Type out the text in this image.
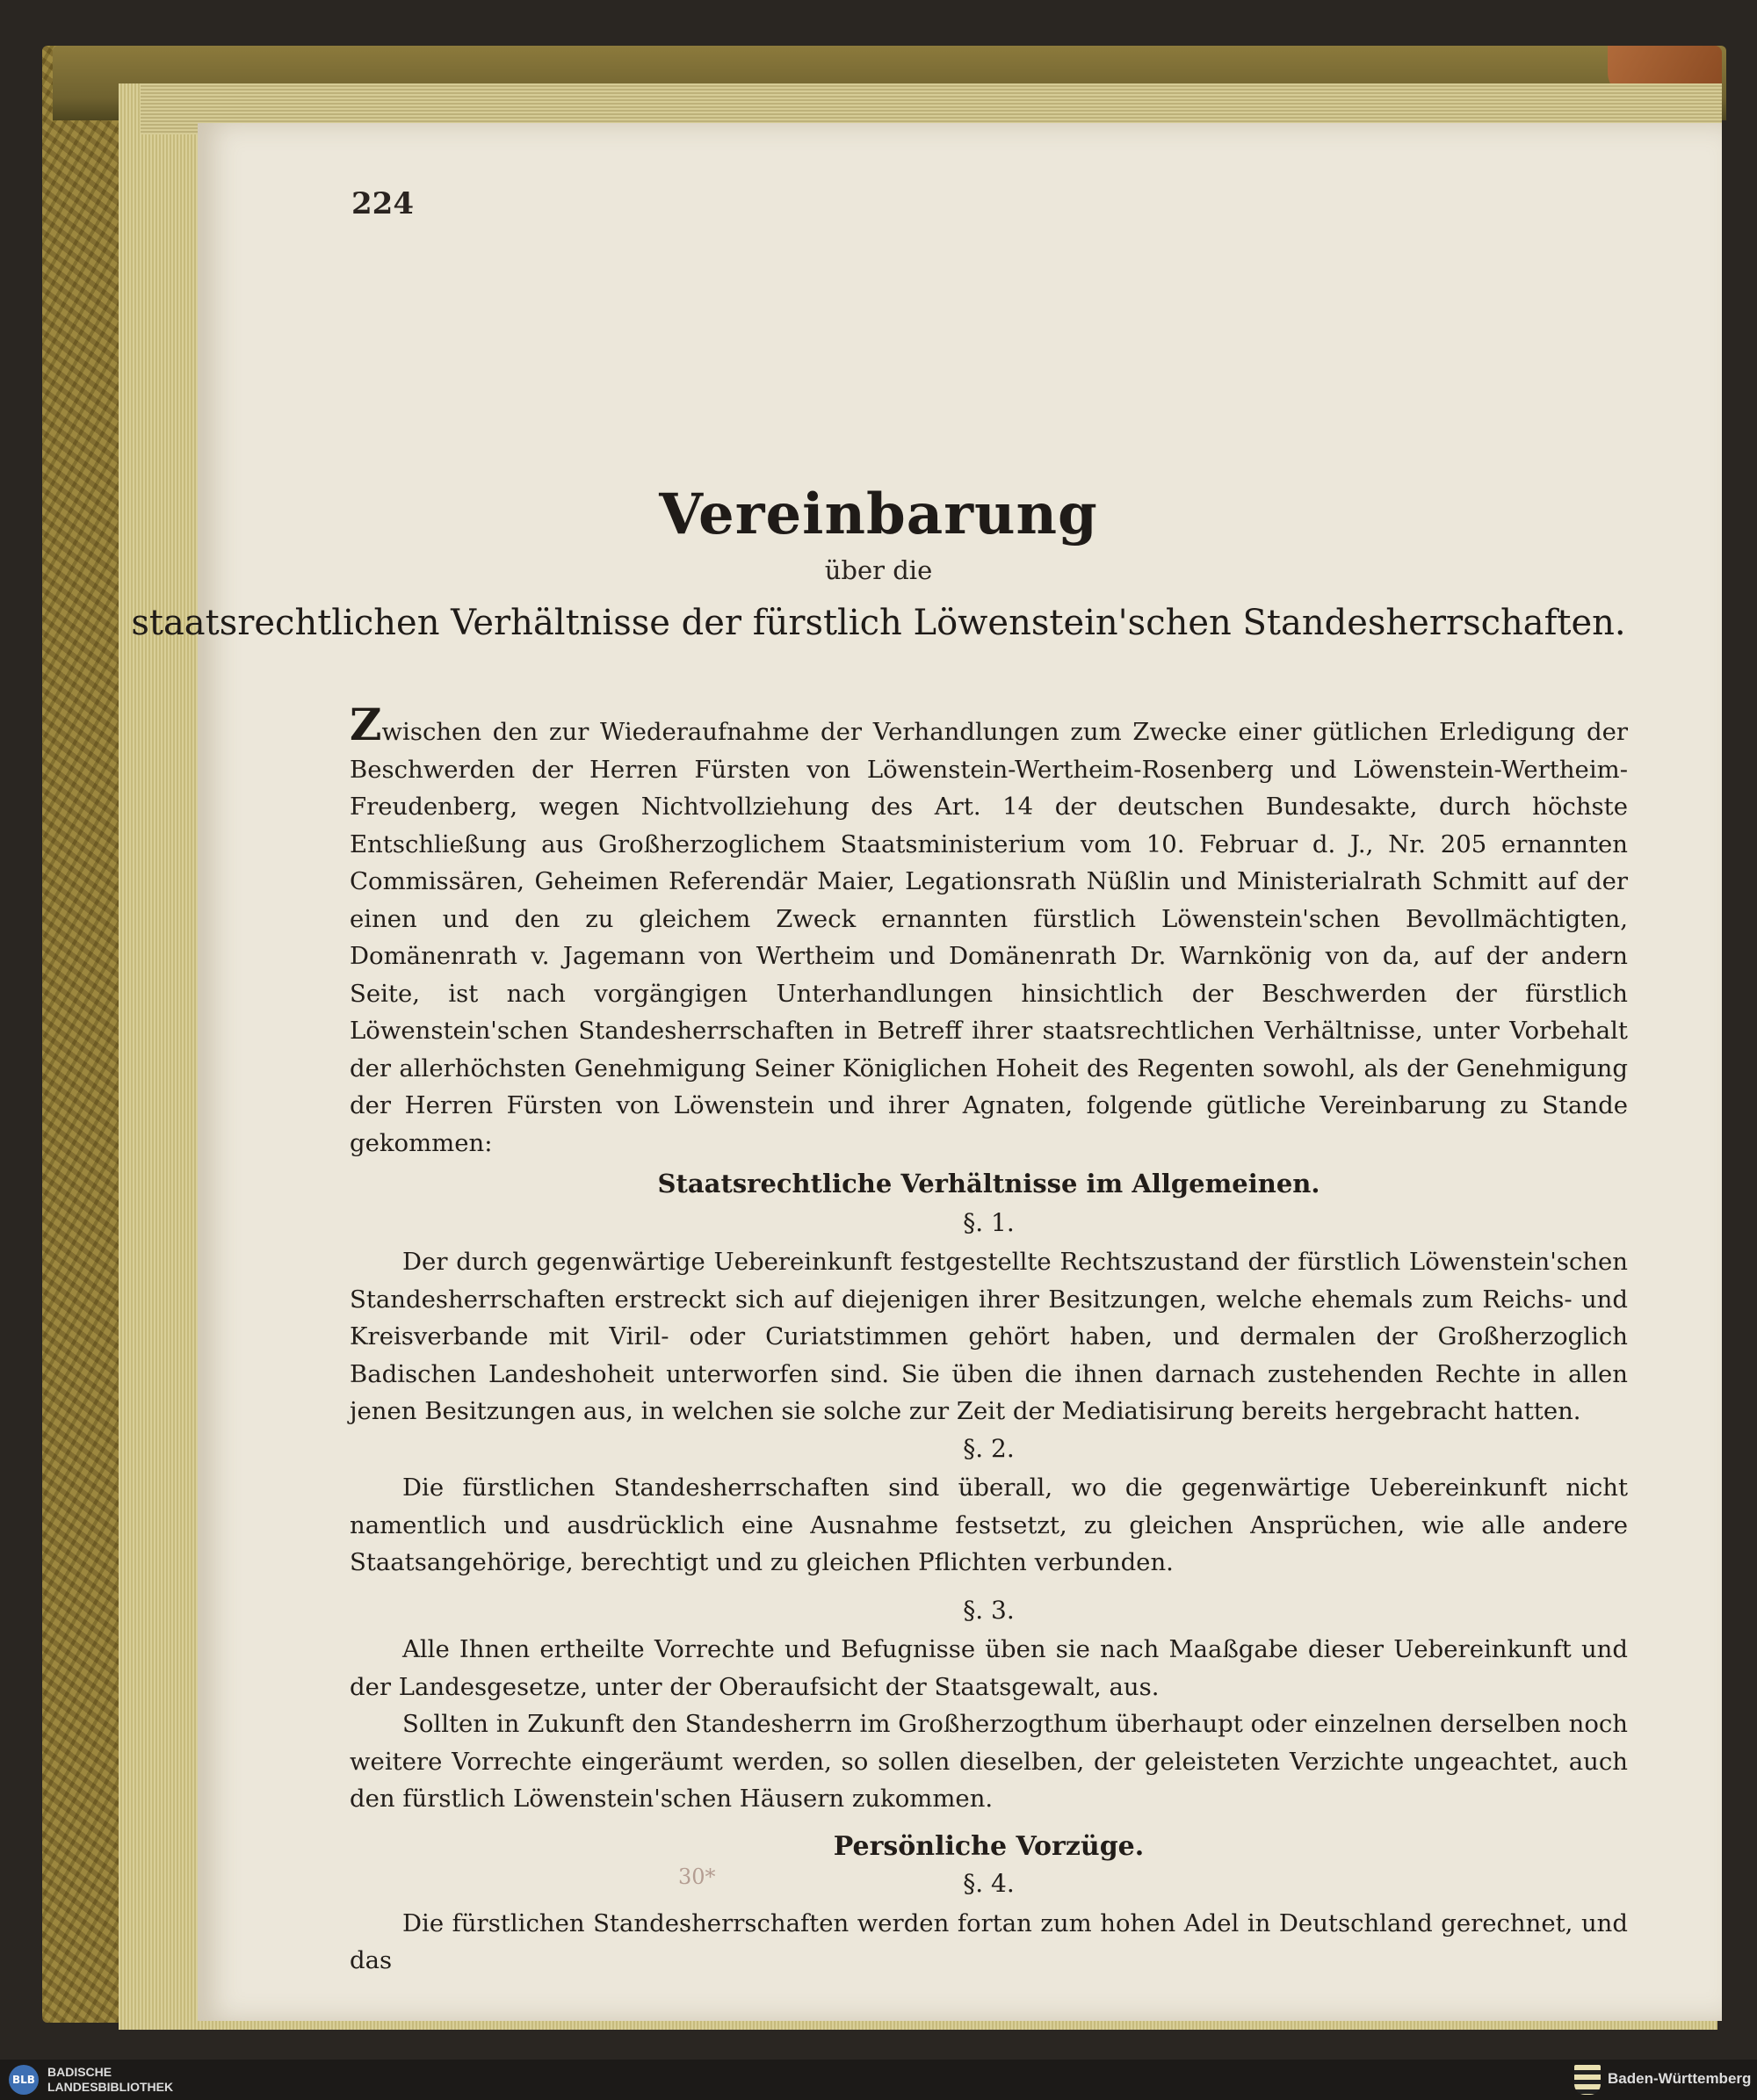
224
Vereinbarung
über die
staatsrechtlichen Verhältnisse der fürstlich Löwenstein'schen Standesherrschaften.

Zwischen den zur Wiederaufnahme der Verhandlungen zum Zwecke einer gütlichen Erledigung der Beschwerden der Herren Fürsten von Löwenstein-Wertheim-Rosenberg und Löwenstein-Wertheim-Freudenberg, wegen Nichtvollziehung des Art. 14 der deutschen Bundesakte, durch höchste Entschließung aus Großherzoglichem Staatsministerium vom 10. Februar d. J., Nr. 205 ernannten Commissären, Geheimen Referendär Maier, Legationsrath Nüßlin und Ministerialrath Schmitt auf der einen und den zu gleichem Zweck ernannten fürstlich Löwenstein'schen Bevollmächtigten, Domänenrath v. Jagemann von Wertheim und Domänenrath Dr. Warnkönig von da, auf der andern Seite, ist nach vorgängigen Unterhandlungen hinsichtlich der Beschwerden der fürstlich Löwenstein'schen Standesherrschaften in Betreff ihrer staatsrechtlichen Verhältnisse, unter Vorbehalt der allerhöchsten Genehmigung Seiner Königlichen Hoheit des Regenten sowohl, als der Genehmigung der Herren Fürsten von Löwenstein und ihrer Agnaten, folgende gütliche Vereinbarung zu Stande gekommen:

Staatsrechtliche Verhältnisse im Allgemeinen.
§. 1.

Der durch gegenwärtige Uebereinkunft festgestellte Rechtszustand der fürstlich Löwenstein'schen Standesherrschaften erstreckt sich auf diejenigen ihrer Besitzungen, welche ehemals zum Reichs- und Kreisverbande mit Viril- oder Curiatstimmen gehört haben, und dermalen der Großherzoglich Badischen Landeshoheit unterworfen sind. Sie üben die ihnen darnach zustehenden Rechte in allen jenen Besitzungen aus, in welchen sie solche zur Zeit der Mediatisirung bereits hergebracht hatten.

§. 2.

Die fürstlichen Standesherrschaften sind überall, wo die gegenwärtige Uebereinkunft nicht namentlich und ausdrücklich eine Ausnahme festsetzt, zu gleichen Ansprüchen, wie alle andere Staatsangehörige, berechtigt und zu gleichen Pflichten verbunden.

§. 3.

Alle Ihnen ertheilte Vorrechte und Befugnisse üben sie nach Maaßgabe dieser Uebereinkunft und der Landesgesetze, unter der Oberaufsicht der Staatsgewalt, aus.

Sollten in Zukunft den Standesherrn im Großherzogthum überhaupt oder einzelnen derselben noch weitere Vorrechte eingeräumt werden, so sollen dieselben, der geleisteten Verzichte ungeachtet, auch den fürstlich Löwenstein'schen Häusern zukommen.

Persönliche Vorzüge.
§. 4.

Die fürstlichen Standesherrschaften werden fortan zum hohen Adel in Deutschland gerechnet, und das

30*
BLB
BADISCHE
LANDESBIBLIOTHEK	Baden-Württemberg
